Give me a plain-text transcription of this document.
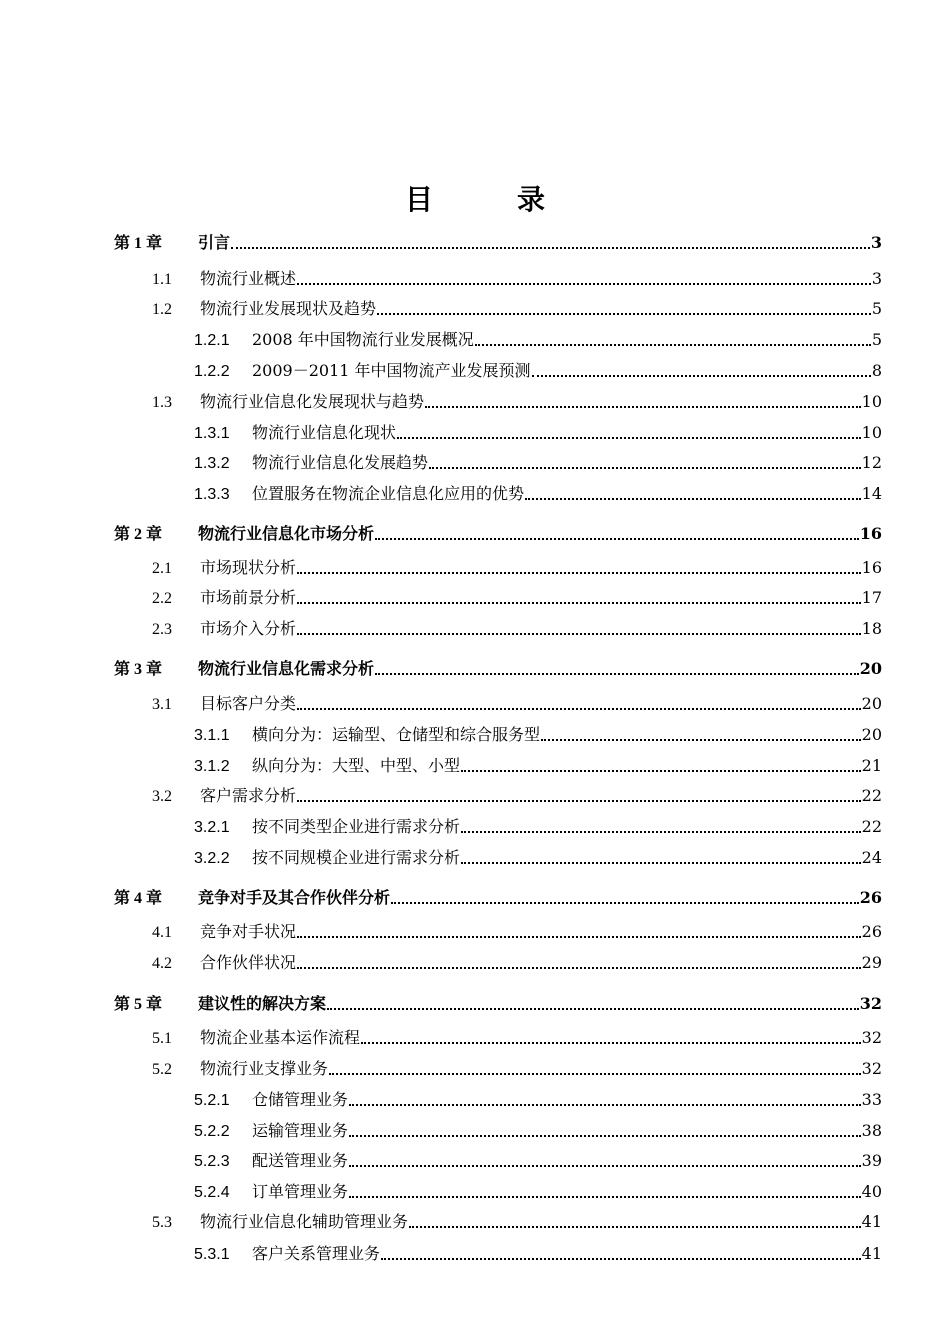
目　录
第 1 章	引言	3
1.1	物流行业概述	3
1.2	物流行业发展现状及趋势	5
1.2.1	2008 年中国物流行业发展概况	5
1.2.2	2009－2011 年中国物流产业发展预测	8
1.3	物流行业信息化发展现状与趋势	10
1.3.1	物流行业信息化现状	10
1.3.2	物流行业信息化发展趋势	12
1.3.3	位置服务在物流企业信息化应用的优势	14
第 2 章	物流行业信息化市场分析	16
2.1	市场现状分析	16
2.2	市场前景分析	17
2.3	市场介入分析	18
第 3 章	物流行业信息化需求分析	20
3.1	目标客户分类	20
3.1.1	横向分为：运输型、仓储型和综合服务型	20
3.1.2	纵向分为：大型、中型、小型	21
3.2	客户需求分析	22
3.2.1	按不同类型企业进行需求分析	22
3.2.2	按不同规模企业进行需求分析	24
第 4 章	竞争对手及其合作伙伴分析	26
4.1	竞争对手状况	26
4.2	合作伙伴状况	29
第 5 章	建议性的解决方案	32
5.1	物流企业基本运作流程	32
5.2	物流行业支撑业务	32
5.2.1	仓储管理业务	33
5.2.2	运输管理业务	38
5.2.3	配送管理业务	39
5.2.4	订单管理业务	40
5.3	物流行业信息化辅助管理业务	41
5.3.1	客户关系管理业务	41
